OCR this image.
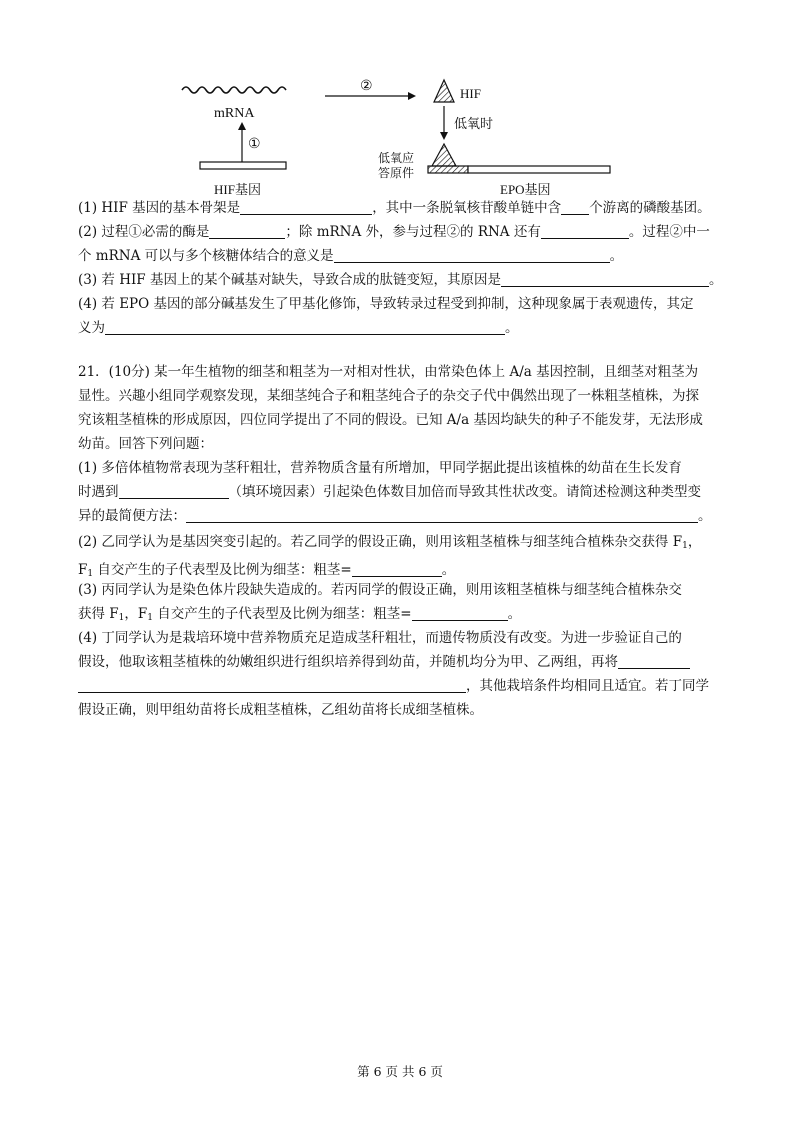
mRNA
①
HIF基因
②	HIF
低氧时
低氧应
答原件
EPO基因

(1) HIF 基因的基本骨架是	，其中一条脱氧核苷酸单链中含 个游离的磷酸基团。

(2) 过程①必需的酶是	；除 mRNA 外，参与过程②的 RNA 还有	。过程②中一
个 mRNA 可以与多个核糖体结合的意义是	。

(3) 若 HIF 基因上的某个碱基对缺失，导致合成的肽链变短，其原因是	。

(4) 若 EPO 基因的部分碱基发生了甲基化修饰，导致转录过程受到抑制，这种现象属于表观遗传，其定
义为	。

21．(10分) 某一年生植物的细茎和粗茎为一对相对性状，由常染色体上 A/a 基因控制，且细茎对粗茎为
显性。兴趣小组同学观察发现，某细茎纯合子和粗茎纯合子的杂交子代中偶然出现了一株粗茎植株，为探
究该粗茎植株的形成原因，四位同学提出了不同的假设。已知 A/a 基因均缺失的种子不能发芽，无法形成
幼苗。回答下列问题：

(1) 多倍体植物常表现为茎秆粗壮，营养物质含量有所增加，甲同学据此提出该植株的幼苗在生长发育
时遇到	（填环境因素）引起染色体数目加倍而导致其性状改变。请简述检测这种类型变
异的最简便方法：	。

(2) 乙同学认为是基因突变引起的。若乙同学的假设正确，则用该粗茎植株与细茎纯合植株杂交获得 $F_1$，
$F_1$ 自交产生的子代表型及比例为细茎：粗茎=	。

(3) 丙同学认为是染色体片段缺失造成的。若丙同学的假设正确，则用该粗茎植株与细茎纯合植株杂交
获得 $F_1$，$F_1$ 自交产生的子代表型及比例为细茎：粗茎=	。

(4) 丁同学认为是栽培环境中营养物质充足造成茎秆粗壮，而遗传物质没有改变。为进一步验证自己的
假设，他取该粗茎植株的幼嫩组织进行组织培养得到幼苗，并随机均分为甲、乙两组，再将
，其他栽培条件均相同且适宜。若丁同学
假设正确，则甲组幼苗将长成粗茎植株，乙组幼苗将长成细茎植株。

第 6 页 共 6 页
